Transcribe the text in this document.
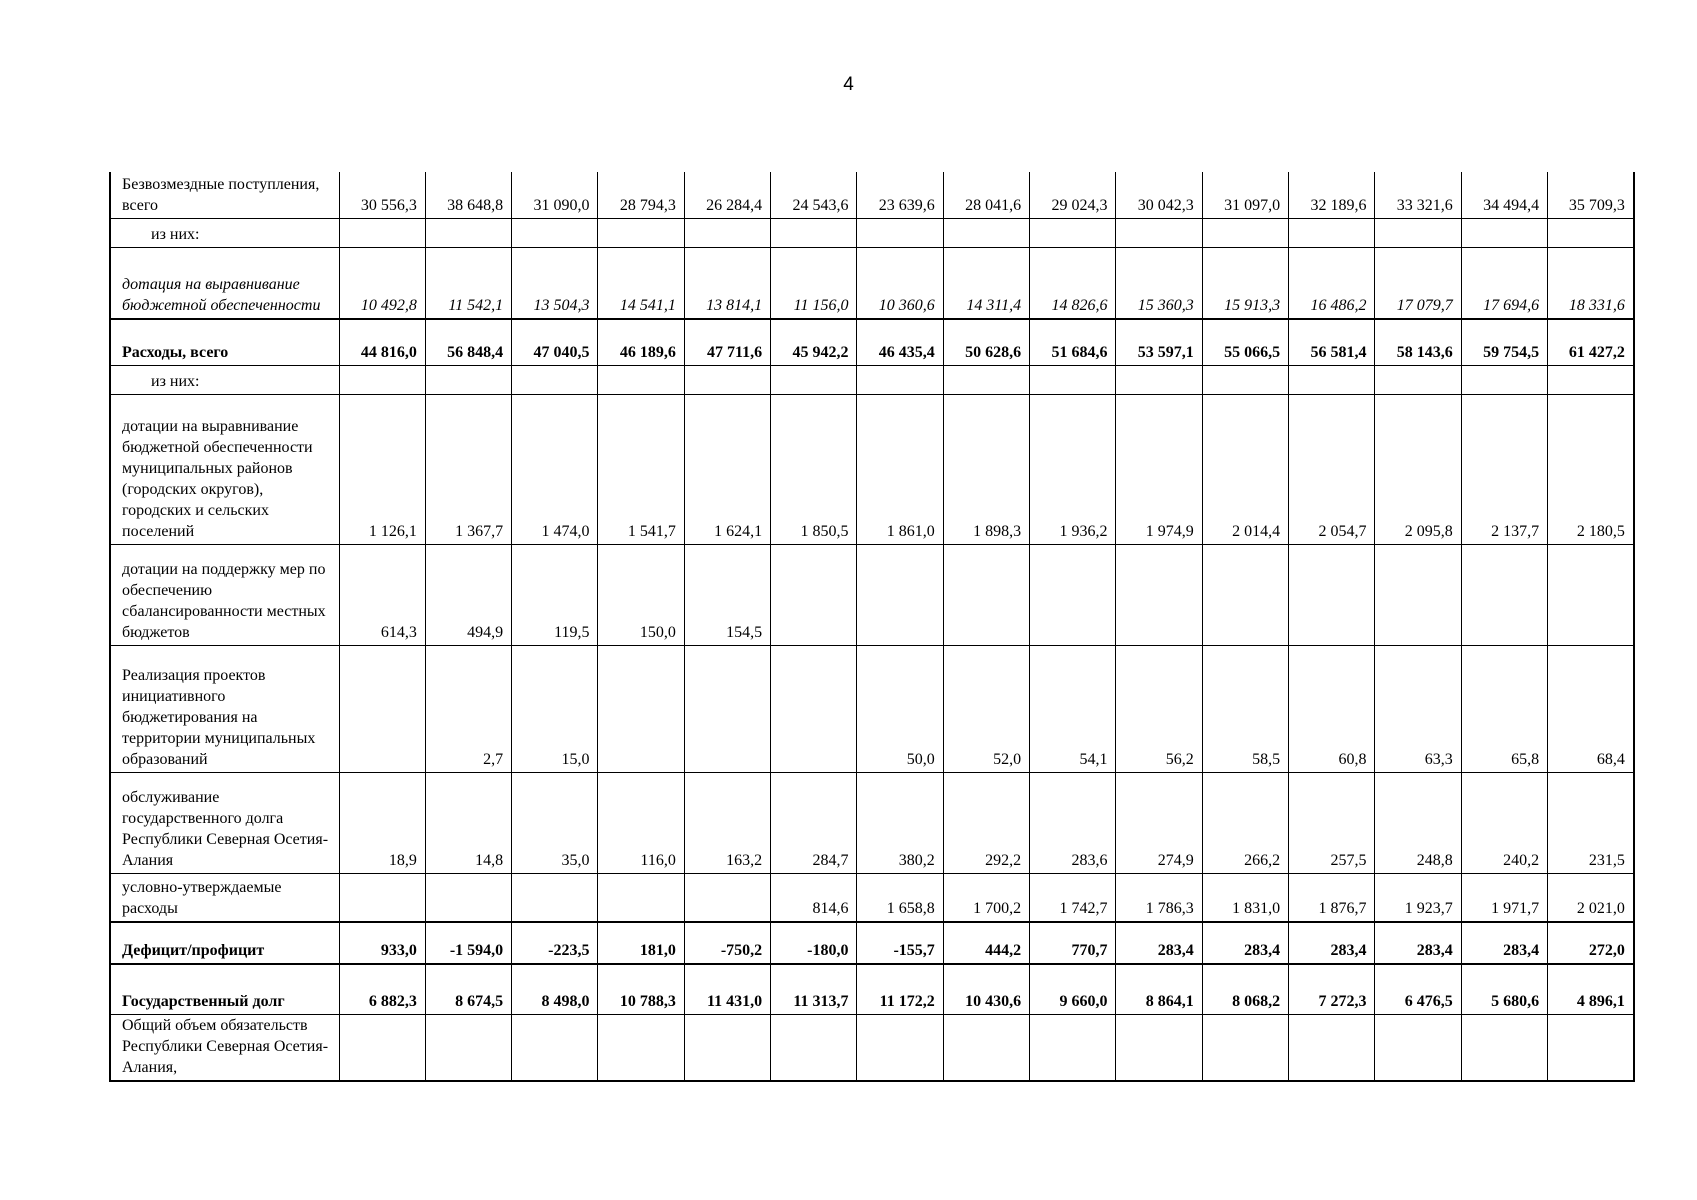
4
Безвозмездные поступления, всего	30 556,3	38 648,8	31 090,0	28 794,3	26 284,4	24 543,6	23 639,6	28 041,6	29 024,3	30 042,3	31 097,0	32 189,6	33 321,6	34 494,4	35 709,3
из них:															
дотация на выравнивание бюджетной обеспеченности	10 492,8	11 542,1	13 504,3	14 541,1	13 814,1	11 156,0	10 360,6	14 311,4	14 826,6	15 360,3	15 913,3	16 486,2	17 079,7	17 694,6	18 331,6
Расходы, всего	44 816,0	56 848,4	47 040,5	46 189,6	47 711,6	45 942,2	46 435,4	50 628,6	51 684,6	53 597,1	55 066,5	56 581,4	58 143,6	59 754,5	61 427,2
из них:															
дотации на выравнивание бюджетной обеспеченности муниципальных районов (городских округов), городских и сельских поселений	1 126,1	1 367,7	1 474,0	1 541,7	1 624,1	1 850,5	1 861,0	1 898,3	1 936,2	1 974,9	2 014,4	2 054,7	2 095,8	2 137,7	2 180,5
дотации на поддержку мер по обеспечению сбалансированности местных бюджетов	614,3	494,9	119,5	150,0	154,5										
Реализация проектов инициативного бюджетирования на территории муниципальных образований		2,7	15,0				50,0	52,0	54,1	56,2	58,5	60,8	63,3	65,8	68,4
обслуживание государственного долга Республики Северная Осетия-Алания	18,9	14,8	35,0	116,0	163,2	284,7	380,2	292,2	283,6	274,9	266,2	257,5	248,8	240,2	231,5
условно-утверждаемые расходы						814,6	1 658,8	1 700,2	1 742,7	1 786,3	1 831,0	1 876,7	1 923,7	1 971,7	2 021,0
Дефицит/профицит	933,0	-1 594,0	-223,5	181,0	-750,2	-180,0	-155,7	444,2	770,7	283,4	283,4	283,4	283,4	283,4	272,0
Государственный долг	6 882,3	8 674,5	8 498,0	10 788,3	11 431,0	11 313,7	11 172,2	10 430,6	9 660,0	8 864,1	8 068,2	7 272,3	6 476,5	5 680,6	4 896,1
Общий объем обязательств Республики Северная Осетия-Алания,															
